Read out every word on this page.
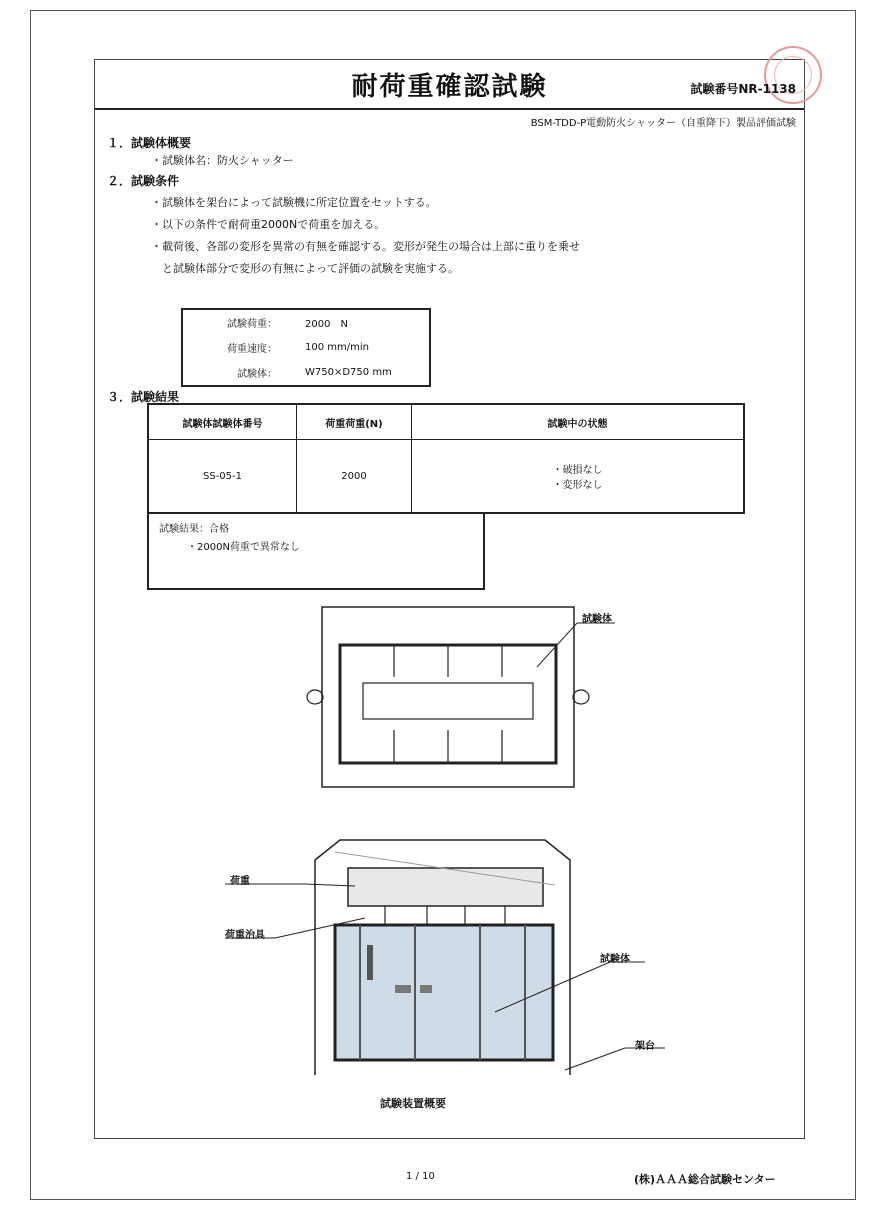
耐荷重確認試験	試験番号NR-1138
BSM-TDD-P電動防火シャッター（自重降下）製品評価試験
１．試験体概要
・試験体名：防火シャッター
２．試験条件
・試験体を架台によって試験機に所定位置をセットする。
・以下の条件で耐荷重2000Nで荷重を加える。
・載荷後、各部の変形を異常の有無を確認する。変形が発生の場合は上部に重りを乗せ
　と試験体部分で変形の有無によって評価の試験を実施する。
試験荷重：	2000　N
荷重速度：	100 mm/min
試験体：	W750×D750 mm
３．試験結果
試験体試験体番号	荷重荷重(N)	試験中の状態
SS-05-1	2000	・破損なし
・変形なし
試験結果：合格
・2000N荷重で異常なし
試験体
荷重
荷重治具
試験体
架台
試験装置概要
1 / 10	(株)ＡＡＡ総合試験センター
